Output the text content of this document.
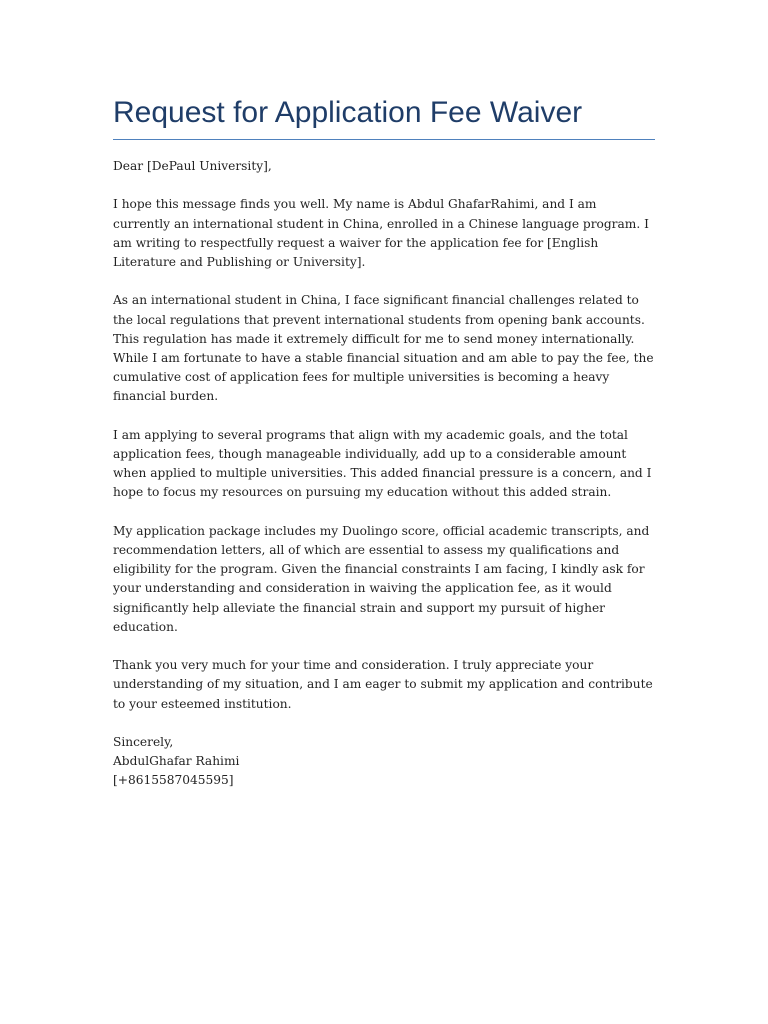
Request for Application Fee Waiver

Dear [DePaul University],

I hope this message finds you well. My name is Abdul GhafarRahimi, and I am currently an international student in China, enrolled in a Chinese language program. I am writing to respectfully request a waiver for the application fee for [English Literature and Publishing or University].

As an international student in China, I face significant financial challenges related to the local regulations that prevent international students from opening bank accounts. This regulation has made it extremely difficult for me to send money internationally. While I am fortunate to have a stable financial situation and am able to pay the fee, the cumulative cost of application fees for multiple universities is becoming a heavy financial burden.

I am applying to several programs that align with my academic goals, and the total application fees, though manageable individually, add up to a considerable amount when applied to multiple universities. This added financial pressure is a concern, and I hope to focus my resources on pursuing my education without this added strain.

My application package includes my Duolingo score, official academic transcripts, and recommendation letters, all of which are essential to assess my qualifications and eligibility for the program. Given the financial constraints I am facing, I kindly ask for your understanding and consideration in waiving the application fee, as it would significantly help alleviate the financial strain and support my pursuit of higher education.

Thank you very much for your time and consideration. I truly appreciate your understanding of my situation, and I am eager to submit my application and contribute to your esteemed institution.

Sincerely,

AbdulGhafar Rahimi

[+8615587045595]
